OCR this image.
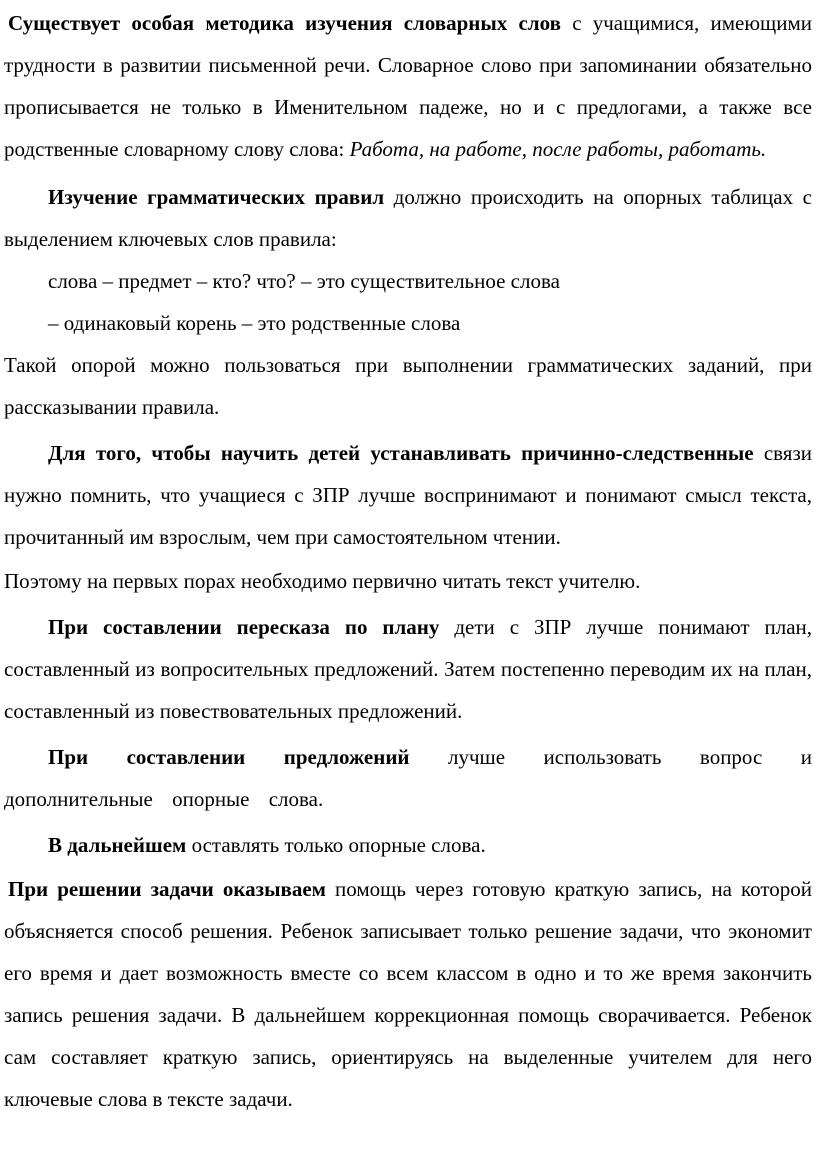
Существует особая методика изучения словарных слов с учащимися, имеющими трудности в развитии письменной речи. Словарное слово при запоминании обязательно прописывается не только в Именительном падеже, но и с предлогами, а также все родственные словарному слову слова: Работа, на работе, после работы, работать.

Изучение грамматических правил должно происходить на опорных таблицах с выделением ключевых слов правила:

слова – предмет – кто? что? – это существительное слова

– одинаковый корень – это родственные слова

Такой опорой можно пользоваться при выполнении грамматических заданий, при рассказывании правила.

Для того, чтобы научить детей устанавливать причинно-следственные связи нужно помнить, что учащиеся с ЗПР лучше воспринимают и понимают смысл текста, прочитанный им взрослым, чем при самостоятельном чтении.

Поэтому на первых порах необходимо первично читать текст учителю.

При составлении пересказа по плану дети с ЗПР лучше понимают план, составленный из вопросительных предложений. Затем постепенно переводим их на план, составленный из повествовательных предложений.

При составлении предложений лучше использовать вопрос и дополнительные опорные слова.

В дальнейшем оставлять только опорные слова.

При решении задачи оказываем помощь через готовую краткую запись, на которой объясняется способ решения. Ребенок записывает только решение задачи, что экономит его время и дает возможность вместе со всем классом в одно и то же время закончить запись решения задачи. В дальнейшем коррекционная помощь сворачивается. Ребенок сам составляет краткую запись, ориентируясь на выделенные учителем для него ключевые слова в тексте задачи.
